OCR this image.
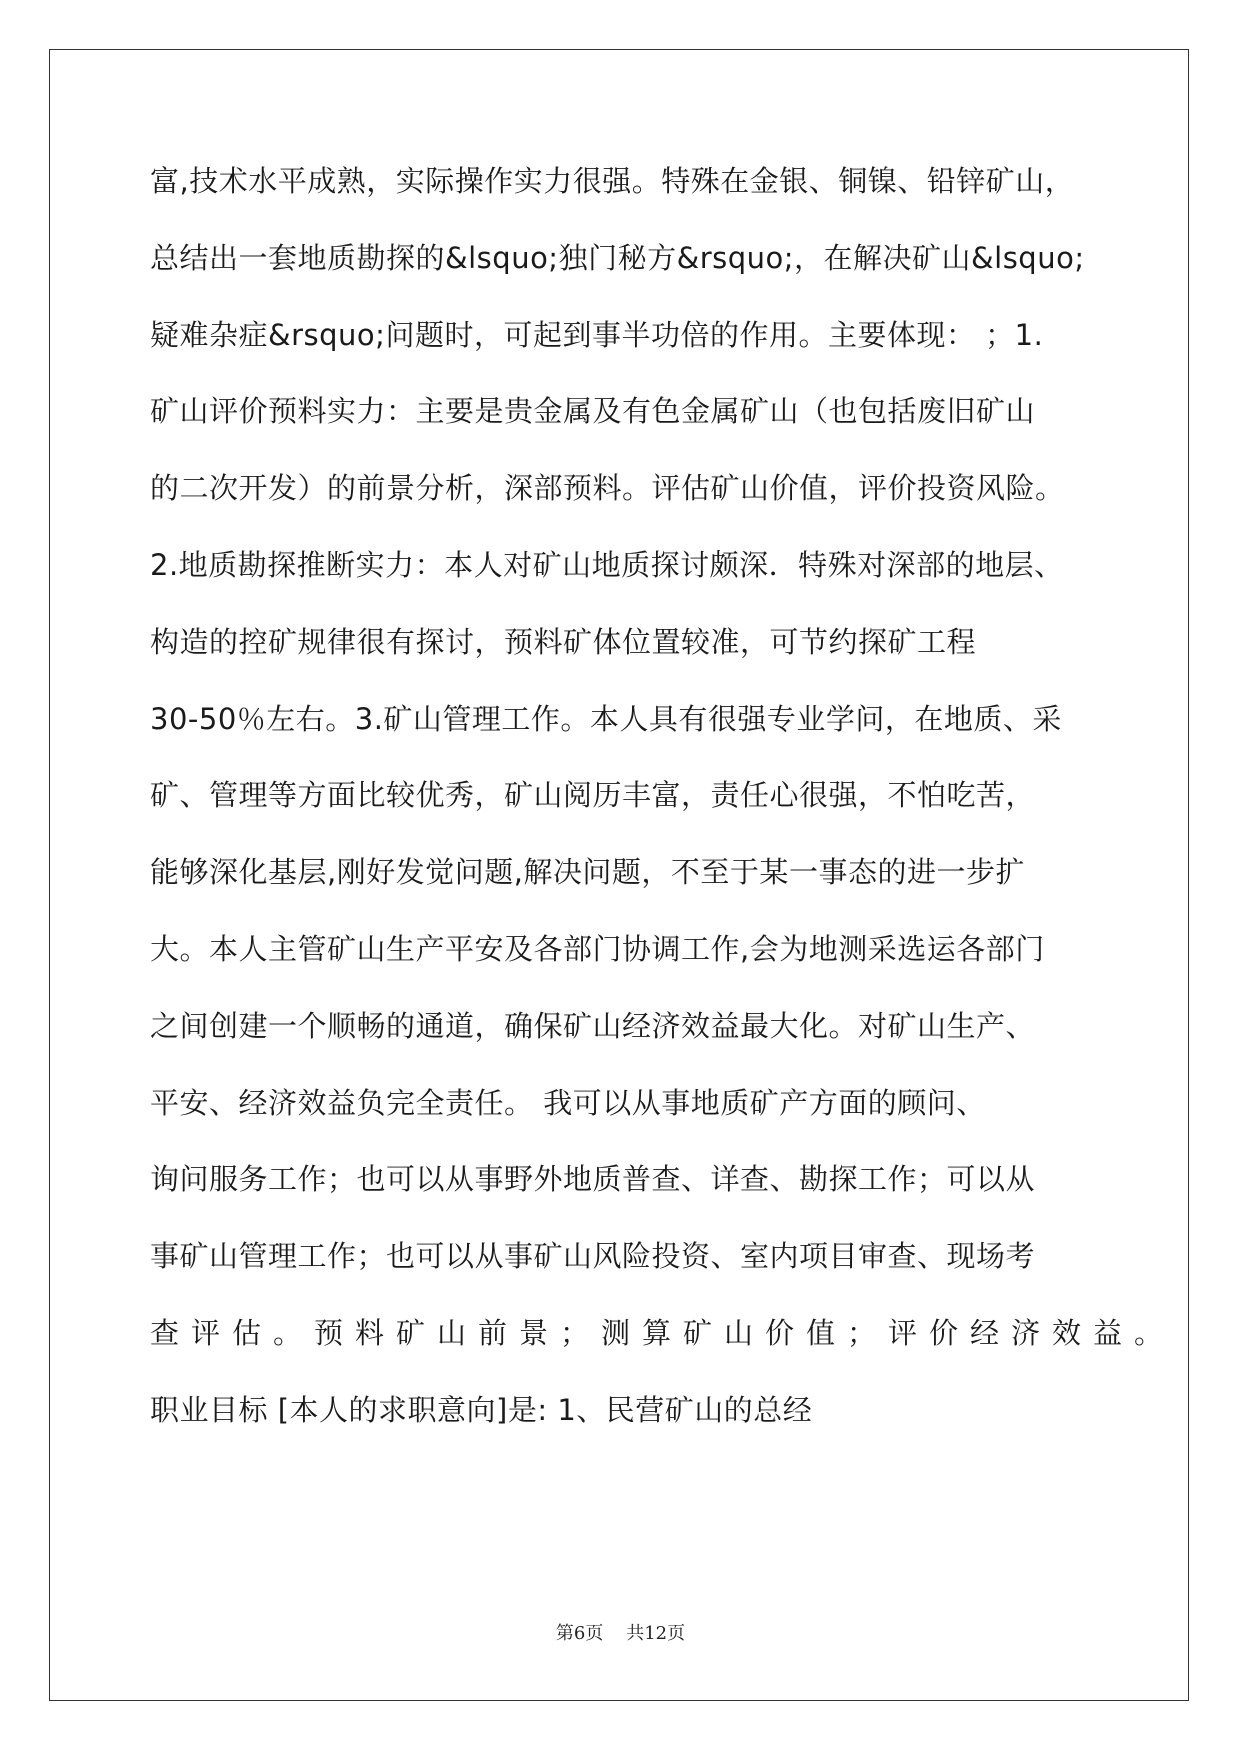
富,技术水平成熟，实际操作实力很强。特殊在金银、铜镍、铅锌矿山，
总结出一套地质勘探的&lsquo;独门秘方&rsquo;，在解决矿山&lsquo;
疑难杂症&rsquo;问题时，可起到事半功倍的作用。主要体现： ；1.
矿山评价预料实力：主要是贵金属及有色金属矿山（也包括废旧矿山
的二次开发）的前景分析，深部预料。评估矿山价值，评价投资风险。
2.地质勘探推断实力：本人对矿山地质探讨颇深．特殊对深部的地层、
构造的控矿规律很有探讨，预料矿体位置较准，可节约探矿工程
30-50％左右。3.矿山管理工作。本人具有很强专业学问，在地质、采
矿、管理等方面比较优秀，矿山阅历丰富，责任心很强，不怕吃苦，
能够深化基层,刚好发觉问题,解决问题，不至于某一事态的进一步扩
大。本人主管矿山生产平安及各部门协调工作,会为地测采选运各部门
之间创建一个顺畅的通道，确保矿山经济效益最大化。对矿山生产、
平安、经济效益负完全责任。 我可以从事地质矿产方面的顾问、
询问服务工作；也可以从事野外地质普查、详查、勘探工作；可以从
事矿山管理工作；也可以从事矿山风险投资、室内项目审查、现场考
查评估。预料矿山前景；测算矿山价值；评价经济效益。
职业目标 [本人的求职意向]是: 1、民营矿山的总经
第6页 共12页
